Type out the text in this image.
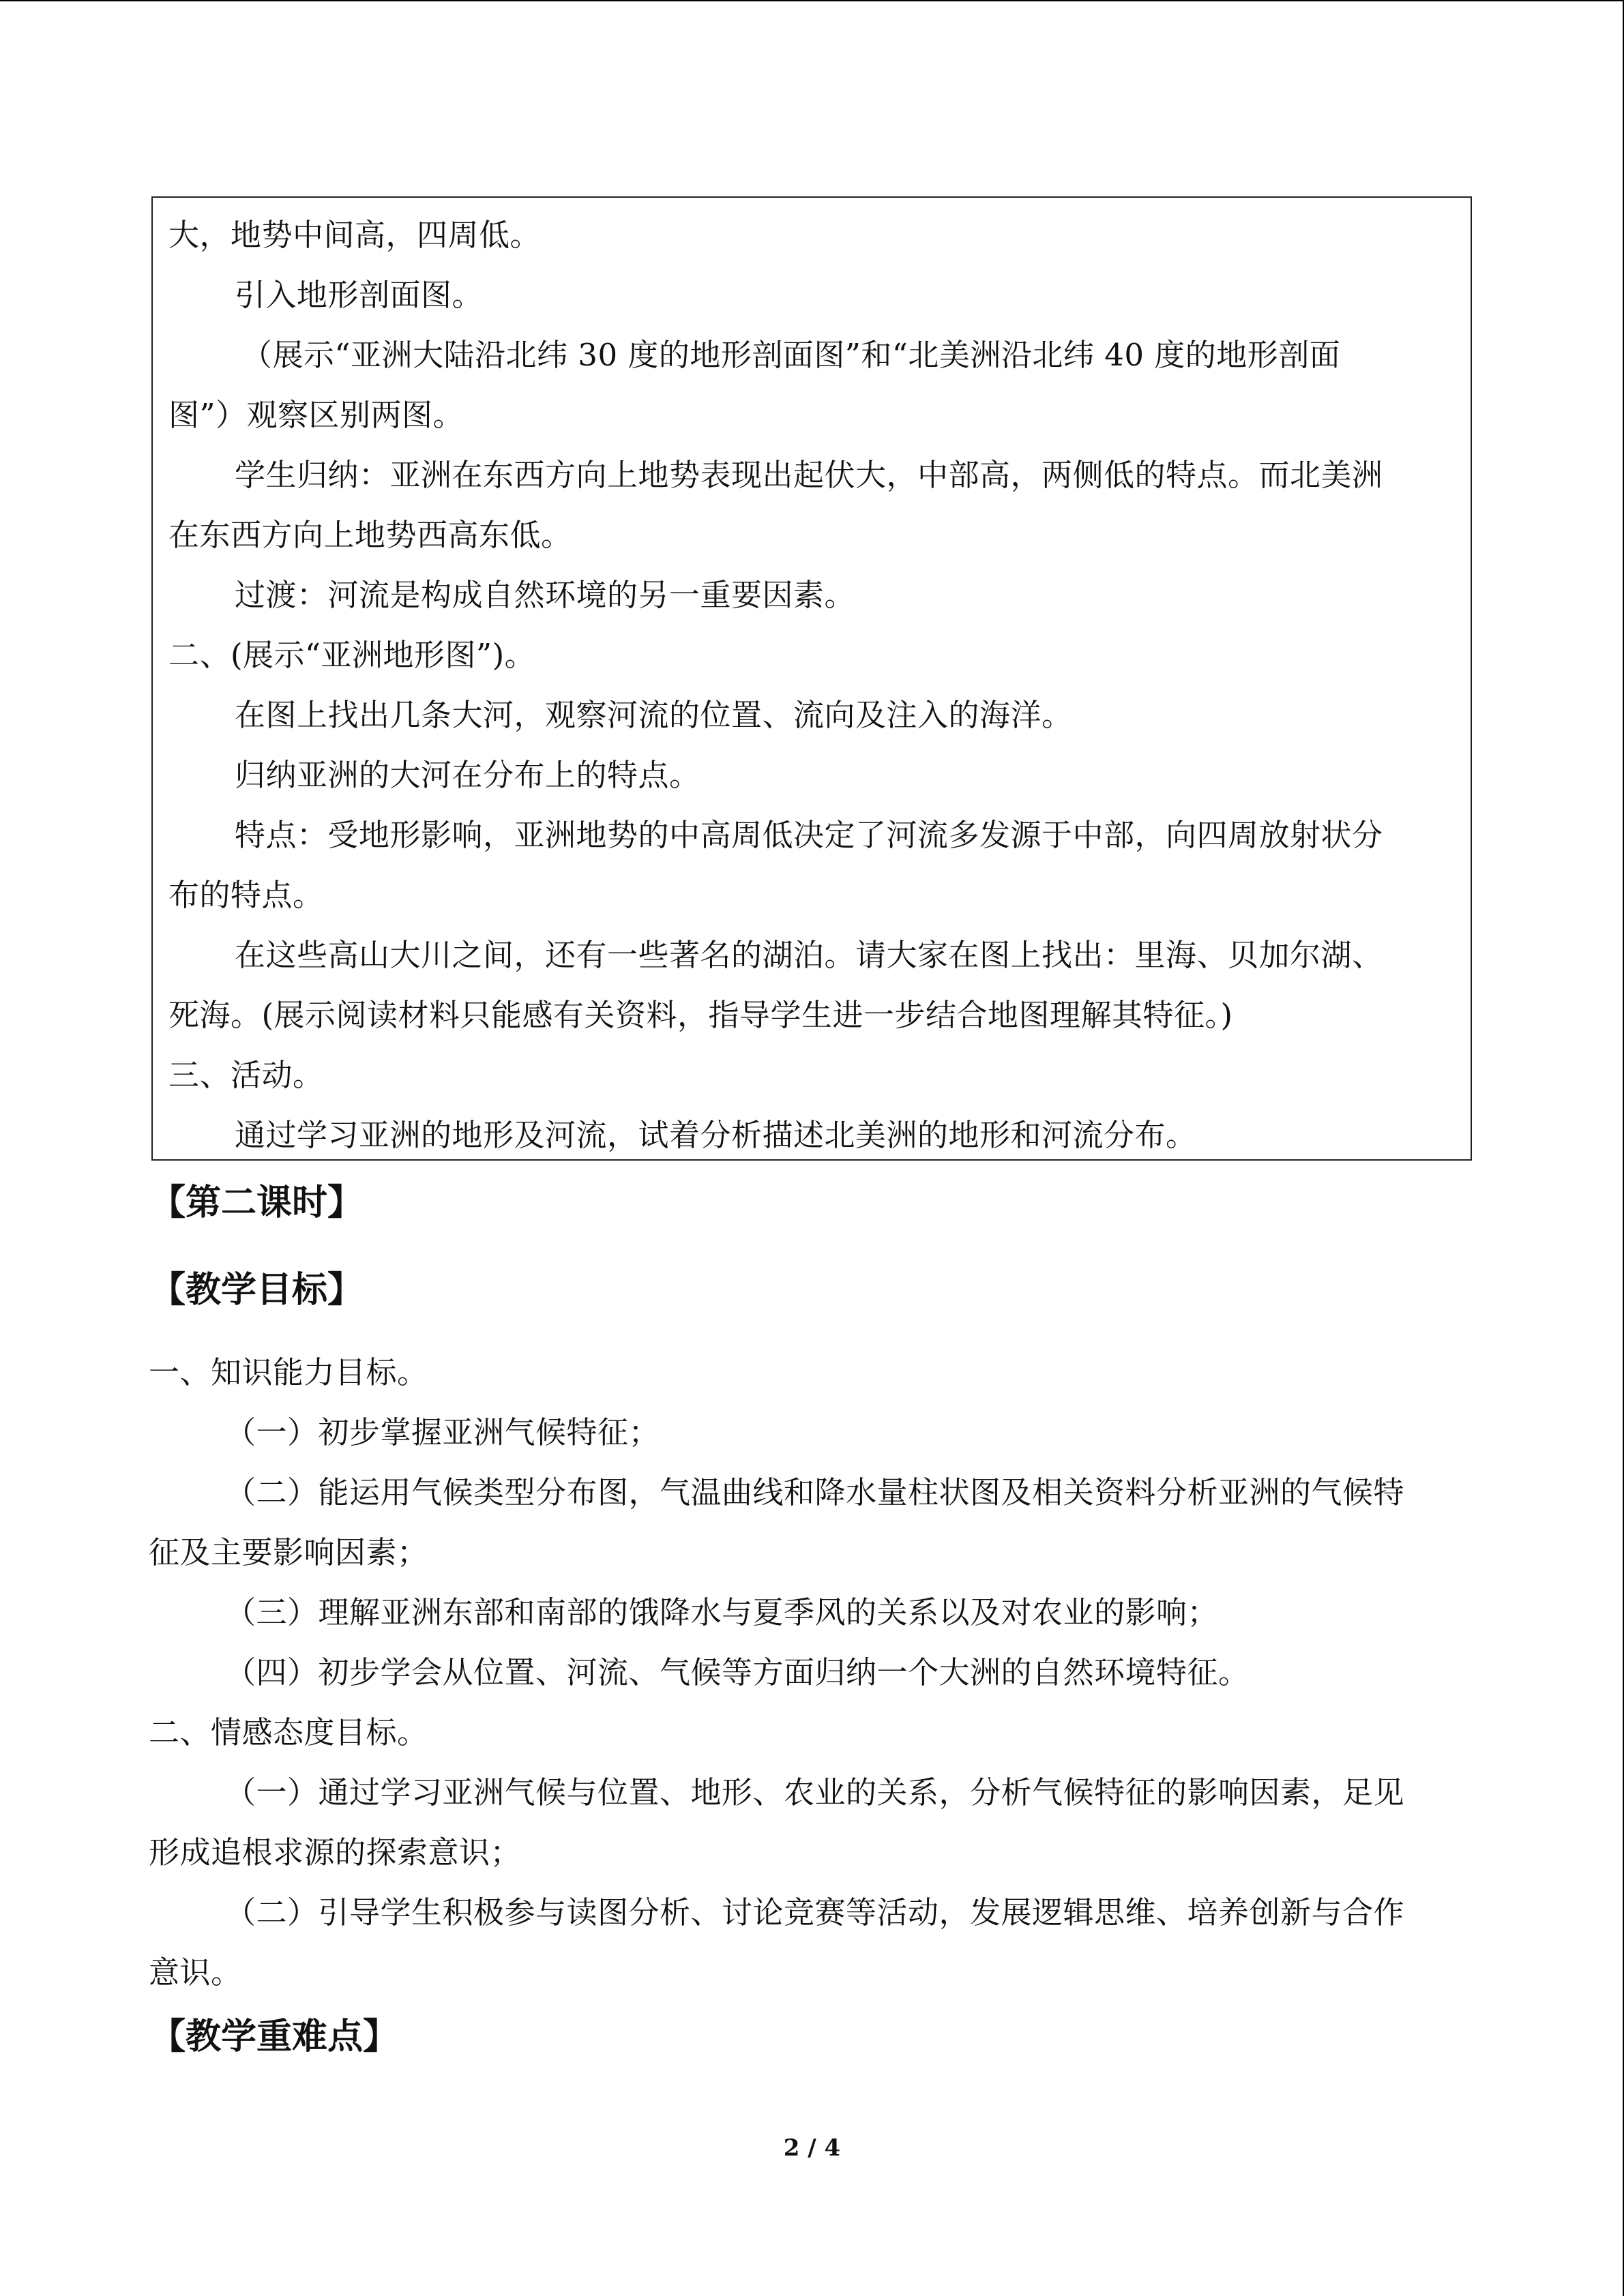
大，地势中间高，四周低。
引入地形剖面图。
（展示“亚洲大陆沿北纬 30 度的地形剖面图”和“北美洲沿北纬 40 度的地形剖面
图”）观察区别两图。
学生归纳：亚洲在东西方向上地势表现出起伏大，中部高，两侧低的特点。而北美洲
在东西方向上地势西高东低。
过渡：河流是构成自然环境的另一重要因素。
二、(展示“亚洲地形图”)。
在图上找出几条大河，观察河流的位置、流向及注入的海洋。
归纳亚洲的大河在分布上的特点。
特点：受地形影响，亚洲地势的中高周低决定了河流多发源于中部，向四周放射状分
布的特点。
在这些高山大川之间，还有一些著名的湖泊。请大家在图上找出：里海、贝加尔湖、
死海。(展示阅读材料只能感有关资料，指导学生进一步结合地图理解其特征。)
三、活动。
通过学习亚洲的地形及河流，试着分析描述北美洲的地形和河流分布。
【第二课时】
【教学目标】
一、知识能力目标。
（一）初步掌握亚洲气候特征；
（二）能运用气候类型分布图，气温曲线和降水量柱状图及相关资料分析亚洲的气候特
征及主要影响因素；
（三）理解亚洲东部和南部的饿降水与夏季风的关系以及对农业的影响；
（四）初步学会从位置、河流、气候等方面归纳一个大洲的自然环境特征。
二、情感态度目标。
（一）通过学习亚洲气候与位置、地形、农业的关系，分析气候特征的影响因素，足见
形成追根求源的探索意识；
（二）引导学生积极参与读图分析、讨论竞赛等活动，发展逻辑思维、培养创新与合作
意识。
【教学重难点】
2 / 4
